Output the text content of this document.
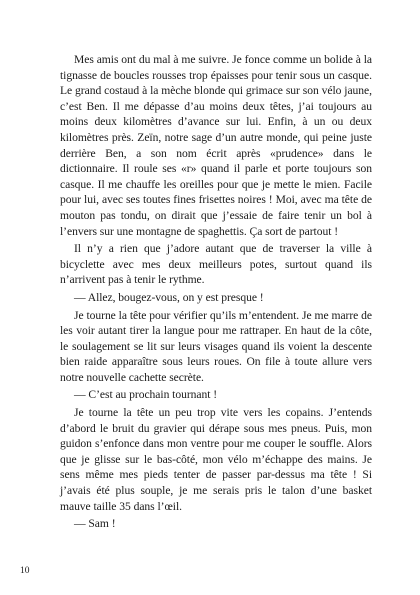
Mes amis ont du mal à me suivre. Je fonce comme un bolide à la tignasse de boucles rousses trop épaisses pour tenir sous un casque. Le grand costaud à la mèche blonde qui grimace sur son vélo jaune, c’est Ben. Il me dépasse d’au moins deux têtes, j’ai toujours au moins deux kilomètres d’avance sur lui. Enfin, à un ou deux kilomètres près. Zeïn, notre sage d’un autre monde, qui peine juste derrière Ben, a son nom écrit après «prudence» dans le dictionnaire. Il roule ses «r» quand il parle et porte toujours son casque. Il me chauffe les oreilles pour que je mette le mien. Facile pour lui, avec ses toutes fines frisettes noires ! Moi, avec ma tête de mouton pas tondu, on dirait que j’essaie de faire tenir un bol à l’envers sur une montagne de spaghettis. Ça sort de partout !

Il n’y a rien que j’adore autant que de traverser la ville à bicyclette avec mes deux meilleurs potes, surtout quand ils n’arrivent pas à tenir le rythme.

— Allez, bougez-vous, on y est presque !

Je tourne la tête pour vérifier qu’ils m’entendent. Je me marre de les voir autant tirer la langue pour me rattraper. En haut de la côte, le soulagement se lit sur leurs visages quand ils voient la descente bien raide apparaître sous leurs roues. On file à toute allure vers notre nouvelle cachette secrète.

— C’est au prochain tournant !

Je tourne la tête un peu trop vite vers les copains. J’entends d’abord le bruit du gravier qui dérape sous mes pneus. Puis, mon guidon s’enfonce dans mon ventre pour me couper le souffle. Alors que je glisse sur le bas-côté, mon vélo m’échappe des mains. Je sens même mes pieds tenter de passer par-dessus ma tête ! Si j’avais été plus souple, je me serais pris le talon d’une basket mauve taille 35 dans l’œil.

— Sam !

10
